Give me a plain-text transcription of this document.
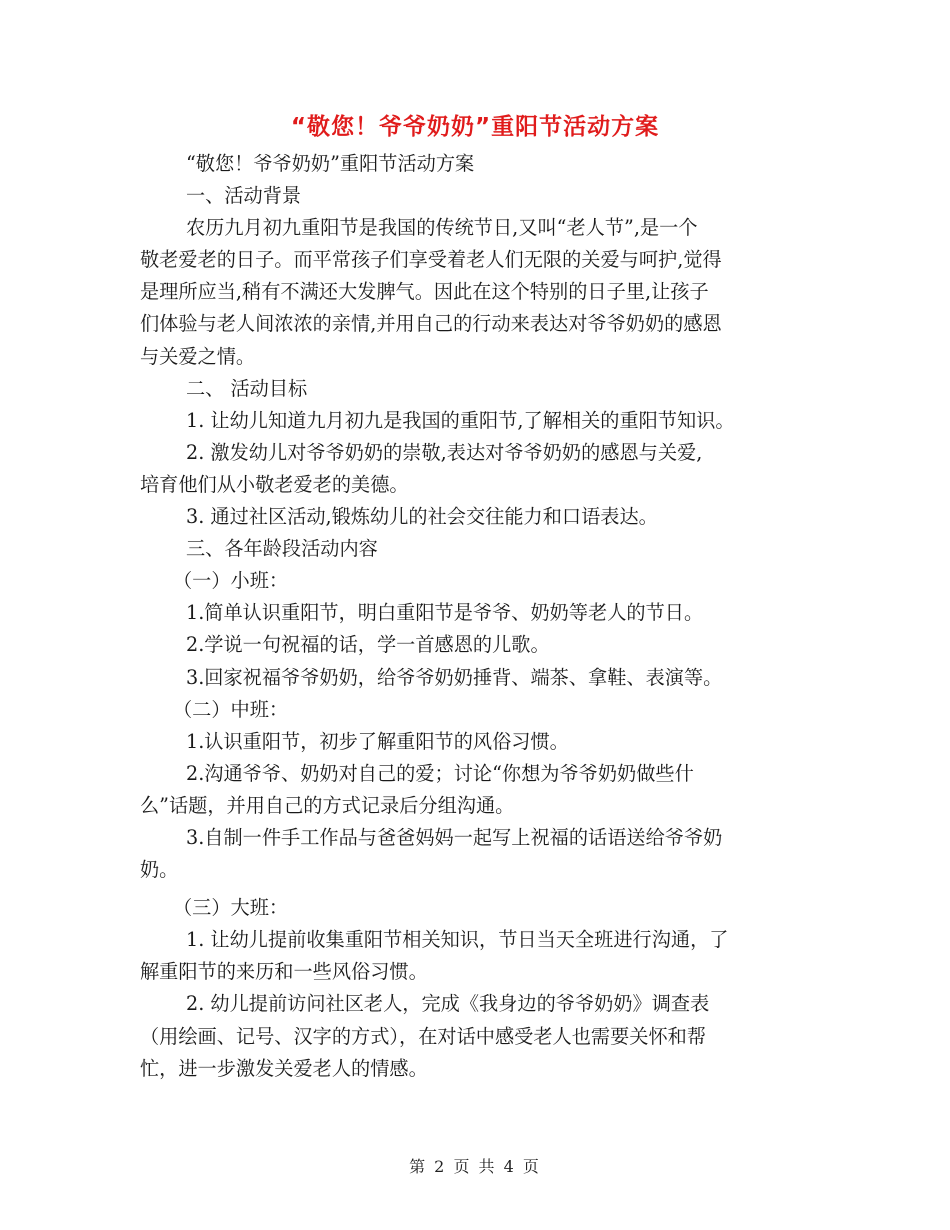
“敬您！爷爷奶奶”重阳节活动方案

“敬您！爷爷奶奶”重阳节活动方案

一、活动背景

农历九月初九重阳节是我国的传统节日,又叫“老人节”,是一个

敬老爱老的日子。而平常孩子们享受着老人们无限的关爱与呵护,觉得

是理所应当,稍有不满还大发脾气。因此在这个特别的日子里,让孩子

们体验与老人间浓浓的亲情,并用自己的行动来表达对爷爷奶奶的感恩

与关爱之情。

二、 活动目标

1. 让幼儿知道九月初九是我国的重阳节,了解相关的重阳节知识。

2. 激发幼儿对爷爷奶奶的崇敬,表达对爷爷奶奶的感恩与关爱,

培育他们从小敬老爱老的美德。

3. 通过社区活动,锻炼幼儿的社会交往能力和口语表达。

三、各年龄段活动内容

（一）小班：

1.简单认识重阳节，明白重阳节是爷爷、奶奶等老人的节日。

2.学说一句祝福的话，学一首感恩的儿歌。

3.回家祝福爷爷奶奶，给爷爷奶奶捶背、端茶、拿鞋、表演等。

（二）中班：

1.认识重阳节，初步了解重阳节的风俗习惯。

2.沟通爷爷、奶奶对自己的爱；讨论“你想为爷爷奶奶做些什

么”话题，并用自己的方式记录后分组沟通。

3.自制一件手工作品与爸爸妈妈一起写上祝福的话语送给爷爷奶

奶。

（三）大班：

1. 让幼儿提前收集重阳节相关知识，节日当天全班进行沟通，了

解重阳节的来历和一些风俗习惯。

2. 幼儿提前访问社区老人，完成《我身边的爷爷奶奶》调查表

（用绘画、记号、汉字的方式），在对话中感受老人也需要关怀和帮

忙，进一步激发关爱老人的情感。

第 2 页 共 4 页
